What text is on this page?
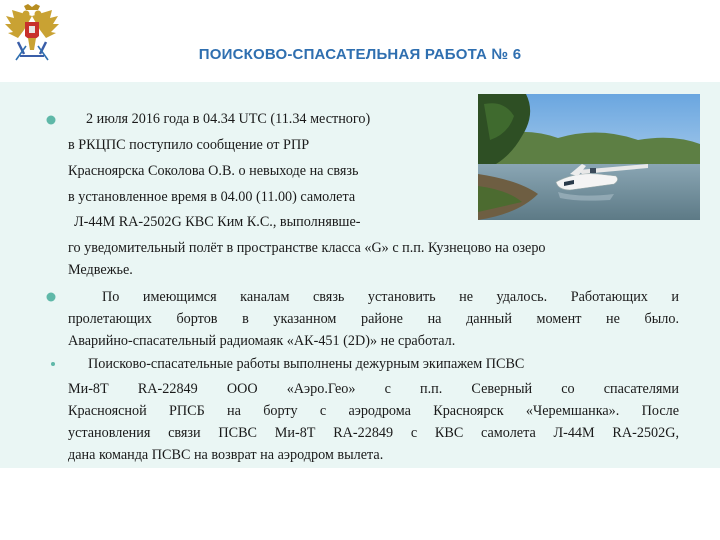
ПОИСКОВО-СПАСАТЕЛЬНАЯ РАБОТА № 6
2 июля 2016 года в 04.34 UTC (11.34 местного)
в РКЦПС поступило сообщение от РПР
Красноярска Соколова О.В. о невыходе на связь
в установленное время в 04.00 (11.00) самолета
Л-44М RA-2502G КВС Ким К.С., выполнявше-
го уведомительный полёт в пространстве класса «G» с п.п. Кузнецово на озеро
Медвежье.
По имеющимся каналам связь установить не удалось. Работающих и
пролетающих бортов в указанном районе на данный момент не было.
Аварийно-спасательный радиомаяк «АК-451 (2D)» не сработал.
Поисково-спасательные работы выполнены дежурным экипажем ПСВС
Ми-8Т RA-22849 ООО «Аэро.Гео» с п.п. Северный со спасателями
Красноясной РПСБ на борту с аэродрома Красноярск «Черемшанка». После
установления связи ПСВС Ми-8Т RA-22849 с КВС самолета Л-44М RA-2502G,
дана команда ПСВС на возврат на аэродром вылета.
